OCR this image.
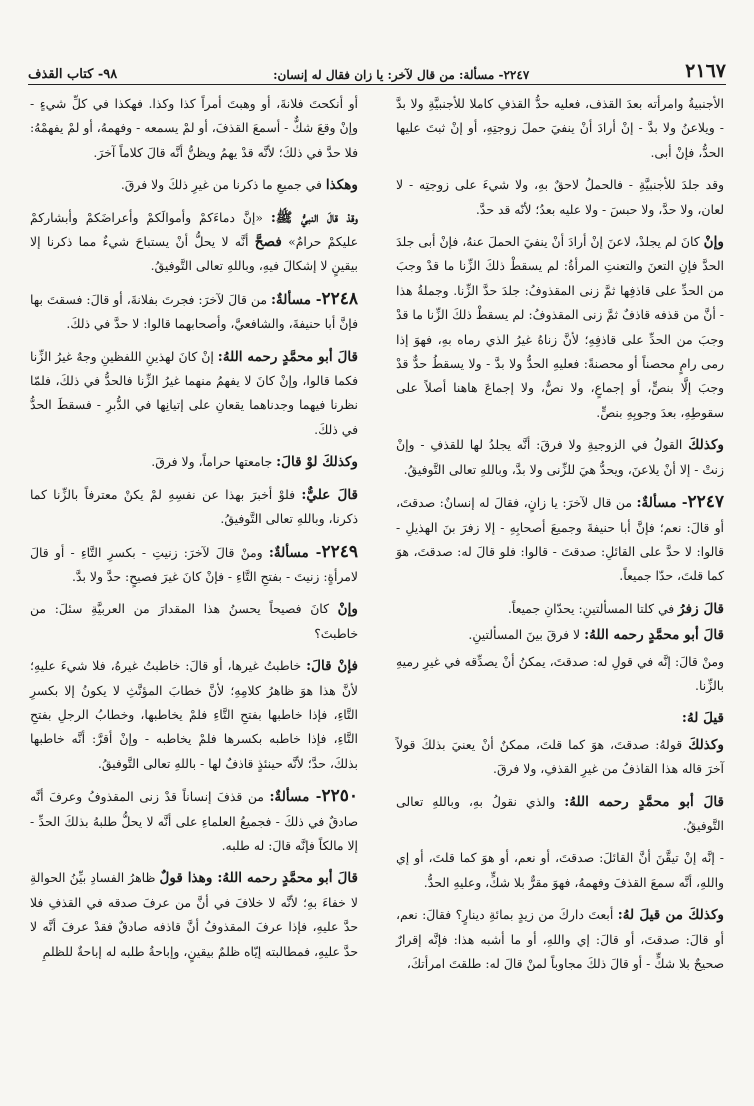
٢١٦٧
٢٢٤٧- مسألة: من قال لآخر: يا زان فقال له إنسان:
٩٨- كتاب القذف

الأجنبيةُ وامرأته بعدَ القذف، فعليه حدُّ القذفِ كاملا للأجنبيَّةِ ولا بدَّ - ويلاعنُ ولا بدَّ - إنْ أرادَ أنْ ينفيَ حملَ زوجتِهِ، أو إنْ ثبتَ عليها الحدُّ، فإنْ أبى.

وقد جلدَ للأجنبيَّةِ - فالحملُ لاحقٌ بهِ، ولا شيءَ على زوجتِه - لا لعان، ولا حدَّ، ولا حبسَ - ولا عليه بعدُ؛ لأنّه قد حدَّ.

وإنْ كانَ لم يجلدْ، لاعنَ إنْ أرادَ أنْ ينفيَ الحملَ عنهُ، فإنْ أبى جلدَ الحدَّ فإنِ التعنَ والتعنتِ المرأةُ: لم يسقطْ ذلكَ الزِّنا ما قدْ وجبَ من الحدِّ على قاذفِها ثمَّ زنى المقذوفُ: جلدَ حدَّ الزِّنا. وجملةُ هذا - أنَّ من قذفه قاذفٌ ثمَّ زنى المقذوفُ: لم يسقطْ ذلكَ الزِّنا ما قدْ وجبَ من الحدِّ على قاذفِهِ؛ لأنَّ زناهُ غيرُ الذي رماه بهِ، فهوَ إذا رمى رامٍ محصناً أو محصنةً: فعليهِ الحدُّ ولا بدَّ - ولا يسقطُ حدٌّ قدْ وجبَ إلَّا بنصٍّ، أو إجماعٍ، ولا نصٌّ، ولا إجماعَ هاهنا أصلاً على سقوطِهِ، بعدَ وجوبِهِ بنصٍّ.

وكذلكَ القولُ في الزوجيةِ ولا فرقَ: أنَّه يجلدُ لها للقذفِ - وإنْ زنتْ - إلا أنْ يلاعنَ، ويحدُّ هيَ للزِّنى ولا بدَّ، وباللهِ تعالى التَّوفيقُ.

٢٢٤٧- مسألةٌ: من قال لآخرَ: يا زانٍ، فقالَ له إنسانٌ: صدقتَ، أو قالَ: نعم؛ فإنَّ أبا حنيفةَ وجميعَ أصحابِهِ - إلا زفرَ بنَ الهذيلِ - قالوا: لا حدَّ على القائلِ: صدقتَ - قالوا: فلو قالَ له: صدقتَ، هوَ كما قلتَ، حدّا جميعاً.

قالَ زفرُ في كلتا المسألتينِ: يحدّانِ جميعاً.

قالَ أبو محمَّدٍ رحمه اللهُ: لا فرقَ بينَ المسألتينِ.

ومنْ قالَ: إنَّه في قولِ له: صدقتَ، يمكنُ أنْ يصدِّقه في غيرِ رميهِ بالزِّنا.

قيلَ لهُ:

وكذلكَ قولهُ: صدقتَ، هوَ كما قلتَ، ممكنٌ أنْ يعنيَ بذلكَ قولاً آخرَ قاله هذا القاذفُ من غيرِ القذفِ، ولا فرقَ.

قالَ أبو محمَّدٍ رحمه اللهُ: والذي نقولُ بهِ، وباللهِ تعالى التَّوفيقُ.

- إنَّه إنْ تيقَّنَ أنَّ القائلَ: صدقتَ، أو نعم، أو هوَ كما قلتَ، أو إي واللهِ، أنَّه سمعَ القذفَ وفهمهُ، فهوَ مقرٌّ بلا شكٍّ، وعليهِ الحدُّ.

وكذلكَ من قيلَ لهُ: أبعتَ داركَ من زيدٍ بمائةِ دينارٍ؟ فقالَ: نعم، أو قالَ: صدقتَ، أو قالَ: إي واللهِ، أو ما أشبه هذا: فإنَّه إقرارٌ صحيحٌ بلا شكٍّ - أو قالَ ذلكَ مجاوباً لمنْ قالَ له: طلقتَ امرأتكَ،

أو أنكحتَ فلانةَ، أو وهبتَ أمراً كذا وكذا. فهكذا في كلِّ شيءٍ - وإنْ وقعَ شكٌّ - أسمعَ القذفَ، أو لمْ يسمعه - وفهمهُ، أو لمْ يفهمْهُ: فلا حدَّ في ذلكَ؛ لأنَّه قدْ يهمُ ويظنُّ أنَّه قالَ كلاماً آخرَ.

وهكذا في جميعِ ما ذكرنا من غيرِ ذلكَ ولا فرقَ.

وقدْ قالَ النبيُّ ﷺ: «إنَّ دماءَكمْ وأموالَكمْ وأعراضَكمْ وأبشاركمْ عليكمْ حرامٌ» فصحَّ أنَّه لا يحلُّ أنْ يستباحَ شيءٌ مما ذكرنا إلا بيقينٍ لا إشكالَ فيهِ، وباللهِ تعالى التَّوفيقُ.

٢٢٤٨- مسألةٌ: من قالَ لآخرَ: فجرتَ بفلانةَ، أو قالَ: فسقتَ بها فإنَّ أبا حنيفةَ، والشافعيَّ، وأصحابهما قالوا: لا حدَّ في ذلكَ.

قالَ أبو محمَّدٍ رحمه اللهُ: إنْ كانَ لهذينِ اللفظينِ وجهٌ غيرُ الزِّنا فكما قالوا، وإنْ كانَ لا يفهمُ منهما غيرُ الزِّنا فالحدُّ في ذلكَ، فلمّا نظرنا فيهما وجدناهما يقعانِ على إتيانِها في الدُّبرِ - فسقطَ الحدُّ في ذلكَ.

وكذلكَ لوْ قالَ: جامعتها حراماً، ولا فرقَ.

قالَ عليٌّ: فلوْ أخبرَ بهذا عن نفسِهِ لمْ يكنْ معترفاً بالزِّنا كما ذكرنا، وباللهِ تعالى التَّوفيقُ.

٢٢٤٩- مسألةٌ: ومنْ قالَ لآخرَ: زنيتِ - بكسرِ التَّاءِ - أو قالَ لامرأةٍ: زنيتَ - بفتحِ التَّاءِ - فإنْ كانَ غيرَ فصيحٍ: حدَّ ولا بدَّ.

وإنْ كانَ فصيحاً يحسنُ هذا المقدارَ من العربيَّةِ سئلَ: من خاطبتَ؟

فإنْ قالَ: خاطبتُ غيرها، أو قالَ: خاطبتُ غيرهُ، فلا شيءَ عليهِ؛ لأنَّ هذا هوَ ظاهرُ كلامِهِ؛ لأنَّ خطابَ المؤنَّثِ لا يكونُ إلا بكسرِ التَّاءِ، فإذا خاطبها بفتحِ التَّاءِ فلمْ يخاطبها، وخطابُ الرجلِ بفتحِ التَّاءِ، فإذا خاطبه بكسرها فلمْ يخاطبه - وإنْ أقرَّ: أنَّه خاطبها بذلكَ، حدَّ؛ لأنَّه حينئذٍ قاذفٌ لها - باللهِ تعالى التَّوفيقُ.

٢٢٥٠- مسألةٌ: من قذفَ إنساناً قدْ زنى المقذوفُ وعرفَ أنَّه صادقٌ في ذلكَ - فجميعُ العلماءِ على أنَّه لا يحلُّ طلبهُ بذلكَ الحدِّ - إلا مالكاً فإنَّه قالَ: له طلبه.

قالَ أبو محمَّدٍ رحمه اللهُ: وهذا قولٌ ظاهرُ الفسادِ بيِّنُ الحوالةِ لا خفاءَ بهِ؛ لأنَّه لا خلافَ في أنَّ من عرفَ صدقه في القذفِ فلا حدَّ عليهِ، فإذا عرفَ المقذوفُ أنَّ قاذفه صادقٌ فقدْ عرفَ أنَّه لا حدَّ عليهِ، فمطالبته إيّاه ظلمٌ بيقينٍ، وإباحةُ طلبه له إباحةٌ للظلمِ
